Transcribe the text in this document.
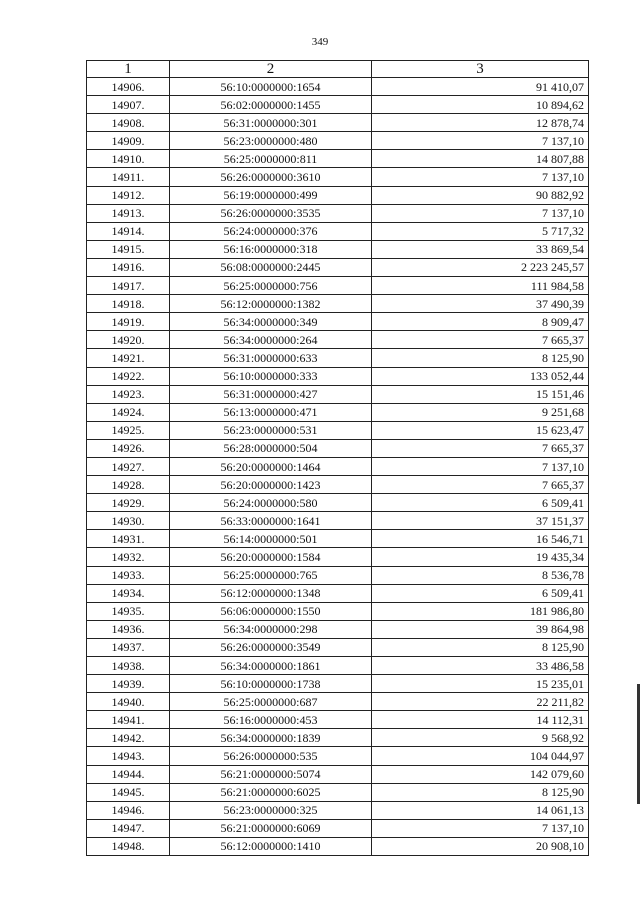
349
1	2	3
14906.	56:10:0000000:1654	91 410,07
14907.	56:02:0000000:1455	10 894,62
14908.	56:31:0000000:301	12 878,74
14909.	56:23:0000000:480	7 137,10
14910.	56:25:0000000:811	14 807,88
14911.	56:26:0000000:3610	7 137,10
14912.	56:19:0000000:499	90 882,92
14913.	56:26:0000000:3535	7 137,10
14914.	56:24:0000000:376	5 717,32
14915.	56:16:0000000:318	33 869,54
14916.	56:08:0000000:2445	2 223 245,57
14917.	56:25:0000000:756	111 984,58
14918.	56:12:0000000:1382	37 490,39
14919.	56:34:0000000:349	8 909,47
14920.	56:34:0000000:264	7 665,37
14921.	56:31:0000000:633	8 125,90
14922.	56:10:0000000:333	133 052,44
14923.	56:31:0000000:427	15 151,46
14924.	56:13:0000000:471	9 251,68
14925.	56:23:0000000:531	15 623,47
14926.	56:28:0000000:504	7 665,37
14927.	56:20:0000000:1464	7 137,10
14928.	56:20:0000000:1423	7 665,37
14929.	56:24:0000000:580	6 509,41
14930.	56:33:0000000:1641	37 151,37
14931.	56:14:0000000:501	16 546,71
14932.	56:20:0000000:1584	19 435,34
14933.	56:25:0000000:765	8 536,78
14934.	56:12:0000000:1348	6 509,41
14935.	56:06:0000000:1550	181 986,80
14936.	56:34:0000000:298	39 864,98
14937.	56:26:0000000:3549	8 125,90
14938.	56:34:0000000:1861	33 486,58
14939.	56:10:0000000:1738	15 235,01
14940.	56:25:0000000:687	22 211,82
14941.	56:16:0000000:453	14 112,31
14942.	56:34:0000000:1839	9 568,92
14943.	56:26:0000000:535	104 044,97
14944.	56:21:0000000:5074	142 079,60
14945.	56:21:0000000:6025	8 125,90
14946.	56:23:0000000:325	14 061,13
14947.	56:21:0000000:6069	7 137,10
14948.	56:12:0000000:1410	20 908,10
